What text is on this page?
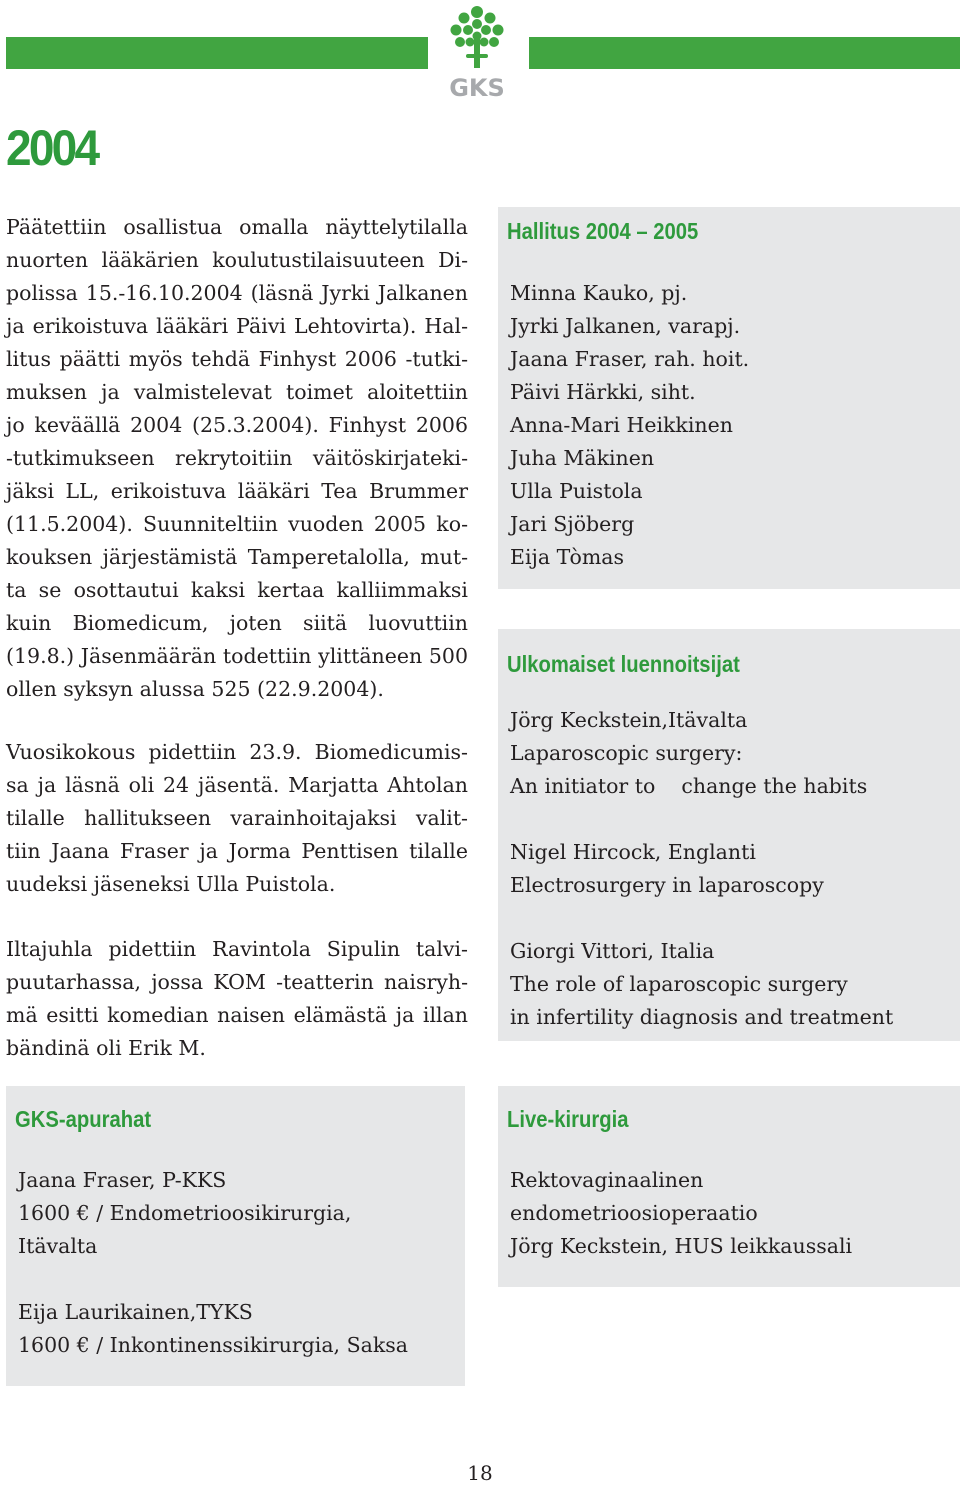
GKS
2004
Päätettiin osallistua omalla näyttelytilalla
nuorten lääkärien koulutustilaisuuteen Di-
polissa 15.-16.10.2004 (läsnä Jyrki Jalkanen
ja erikoistuva lääkäri Päivi Lehtovirta). Hal-
litus päätti myös tehdä Finhyst 2006 -tutki-
muksen ja valmistelevat toimet aloitettiin
jo keväällä 2004 (25.3.2004). Finhyst 2006
-tutkimukseen rekrytoitiin väitöskirjateki-
jäksi LL, erikoistuva lääkäri Tea Brummer
(11.5.2004). Suunniteltiin vuoden 2005 ko-
kouksen järjestämistä Tamperetalolla, mut-
ta se osottautui kaksi kertaa kalliimmaksi
kuin Biomedicum, joten siitä luovuttiin
(19.8.) Jäsenmäärän todettiin ylittäneen 500
ollen syksyn alussa 525 (22.9.2004).
Vuosikokous pidettiin 23.9. Biomedicumis-
sa ja läsnä oli 24 jäsentä. Marjatta Ahtolan
tilalle hallitukseen varainhoitajaksi valit-
tiin Jaana Fraser ja Jorma Penttisen tilalle
uudeksi jäseneksi Ulla Puistola.
Iltajuhla pidettiin Ravintola Sipulin talvi-
puutarhassa, jossa KOM -teatterin naisryh-
mä esitti komedian naisen elämästä ja illan
bändinä oli Erik M.
Hallitus 2004 – 2005
Minna Kauko, pj.
Jyrki Jalkanen, varapj.
Jaana Fraser, rah. hoit.
Päivi Härkki, siht.
Anna-Mari Heikkinen
Juha Mäkinen
Ulla Puistola
Jari Sjöberg
Eija Tòmas
Ulkomaiset luennoitsijat
Jörg Keckstein,Itävalta
Laparoscopic surgery:
An initiator to    change the habits
Nigel Hircock, Englanti
Electrosurgery in laparoscopy
Giorgi Vittori, Italia
The role of laparoscopic surgery
in infertility diagnosis and treatment
GKS-apurahat
Jaana Fraser, P-KKS
1600 € / Endometrioosikirurgia,
Itävalta
Eija Laurikainen,TYKS
1600 € / Inkontinenssikirurgia, Saksa
Live-kirurgia
Rektovaginaalinen
endometrioosioperaatio
Jörg Keckstein, HUS leikkaussali
18
